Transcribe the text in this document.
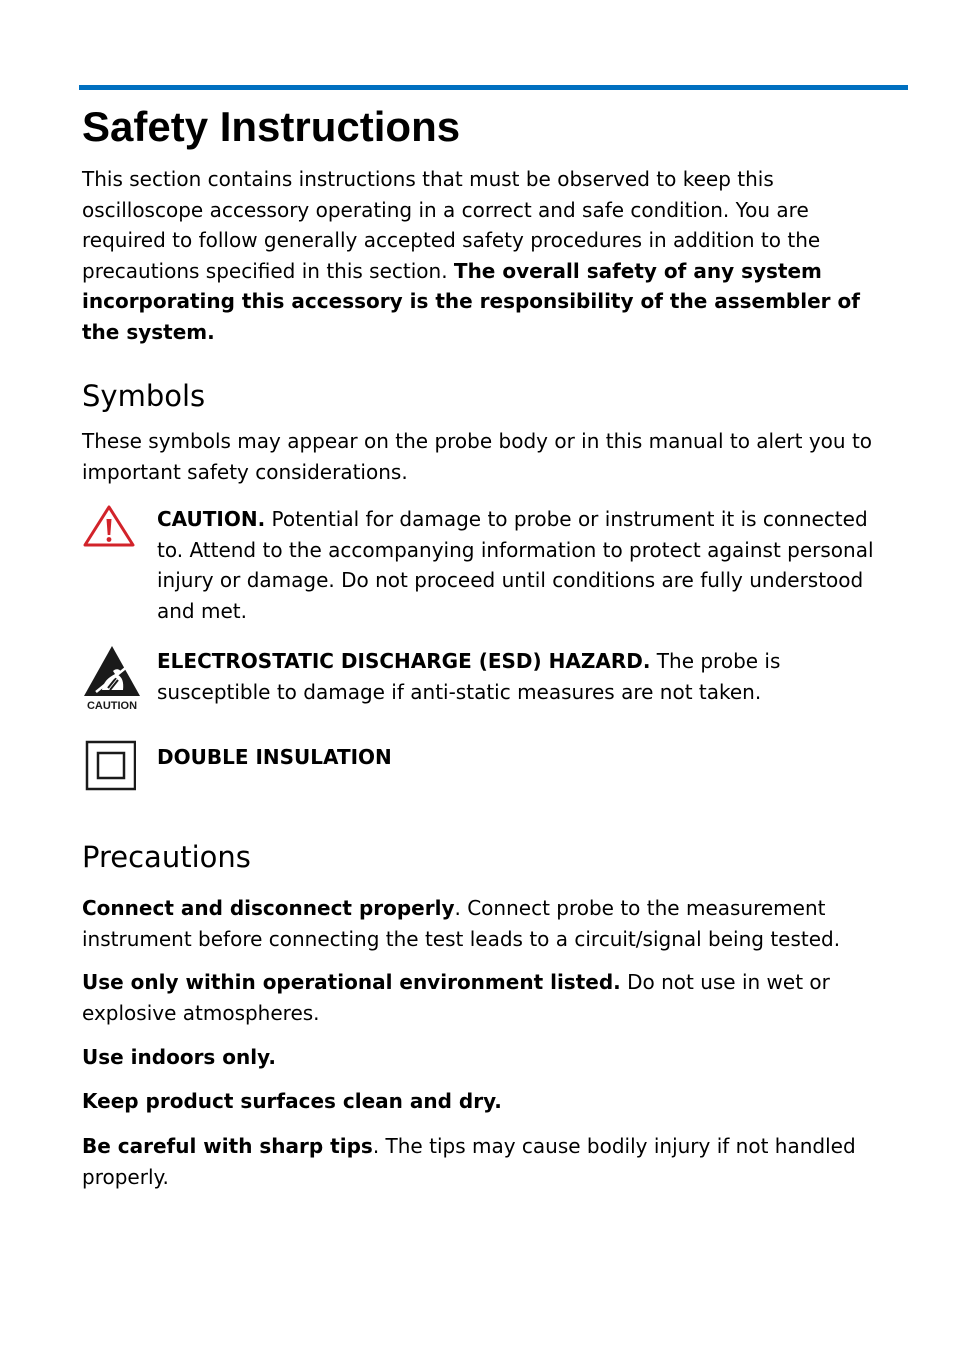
Safety Instructions

This section contains instructions that must be observed to keep this oscilloscope accessory operating in a correct and safe condition. You are required to follow generally accepted safety procedures in addition to the precautions specified in this section. The overall safety of any system incorporating this accessory is the responsibility of the assembler of the system.

Symbols

These symbols may appear on the probe body or in this manual to alert you to important safety considerations.

CAUTION. Potential for damage to probe or instrument it is connected to. Attend to the accompanying information to protect against personal injury or damage. Do not proceed until conditions are fully understood and met.

CAUTION

ELECTROSTATIC DISCHARGE (ESD) HAZARD. The probe is susceptible to damage if anti-static measures are not taken.

DOUBLE INSULATION

Precautions

Connect and disconnect properly. Connect probe to the measurement instrument before connecting the test leads to a circuit/signal being tested.

Use only within operational environment listed. Do not use in wet or explosive atmospheres.

Use indoors only.

Keep product surfaces clean and dry.

Be careful with sharp tips. The tips may cause bodily injury if not handled properly.
